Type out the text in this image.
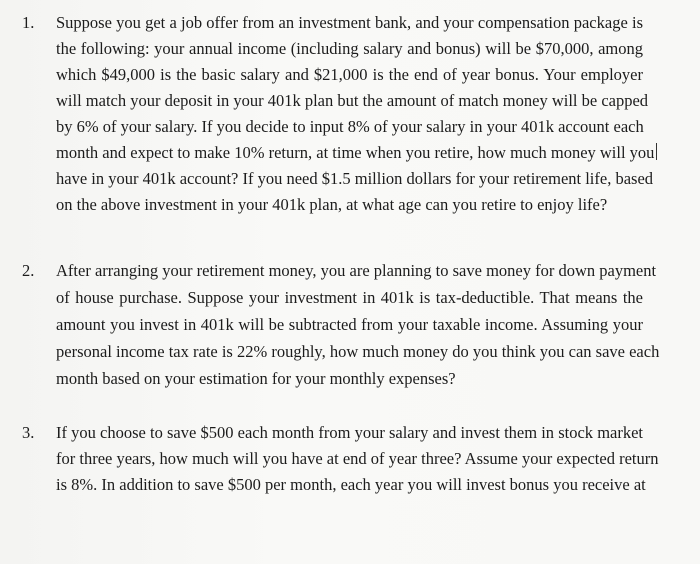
1. Suppose you get a job offer from an investment bank, and your compensation package is
the following: your annual income (including salary and bonus) will be $70,000, among
which $49,000 is the basic salary and $21,000 is the end of year bonus. Your employer
will match your deposit in your 401k plan but the amount of match money will be capped
by 6% of your salary. If you decide to input 8% of your salary in your 401k account each
month and expect to make 10% return, at time when you retire, how much money will you
have in your 401k account? If you need $1.5 million dollars for your retirement life, based
on the above investment in your 401k plan, at what age can you retire to enjoy life?
2. After arranging your retirement money, you are planning to save money for down payment
of house purchase. Suppose your investment in 401k is tax-deductible. That means the
amount you invest in 401k will be subtracted from your taxable income. Assuming your
personal income tax rate is 22% roughly, how much money do you think you can save each
month based on your estimation for your monthly expenses?
3. If you choose to save $500 each month from your salary and invest them in stock market
for three years, how much will you have at end of year three? Assume your expected return
is 8%. In addition to save $500 per month, each year you will invest bonus you receive at
